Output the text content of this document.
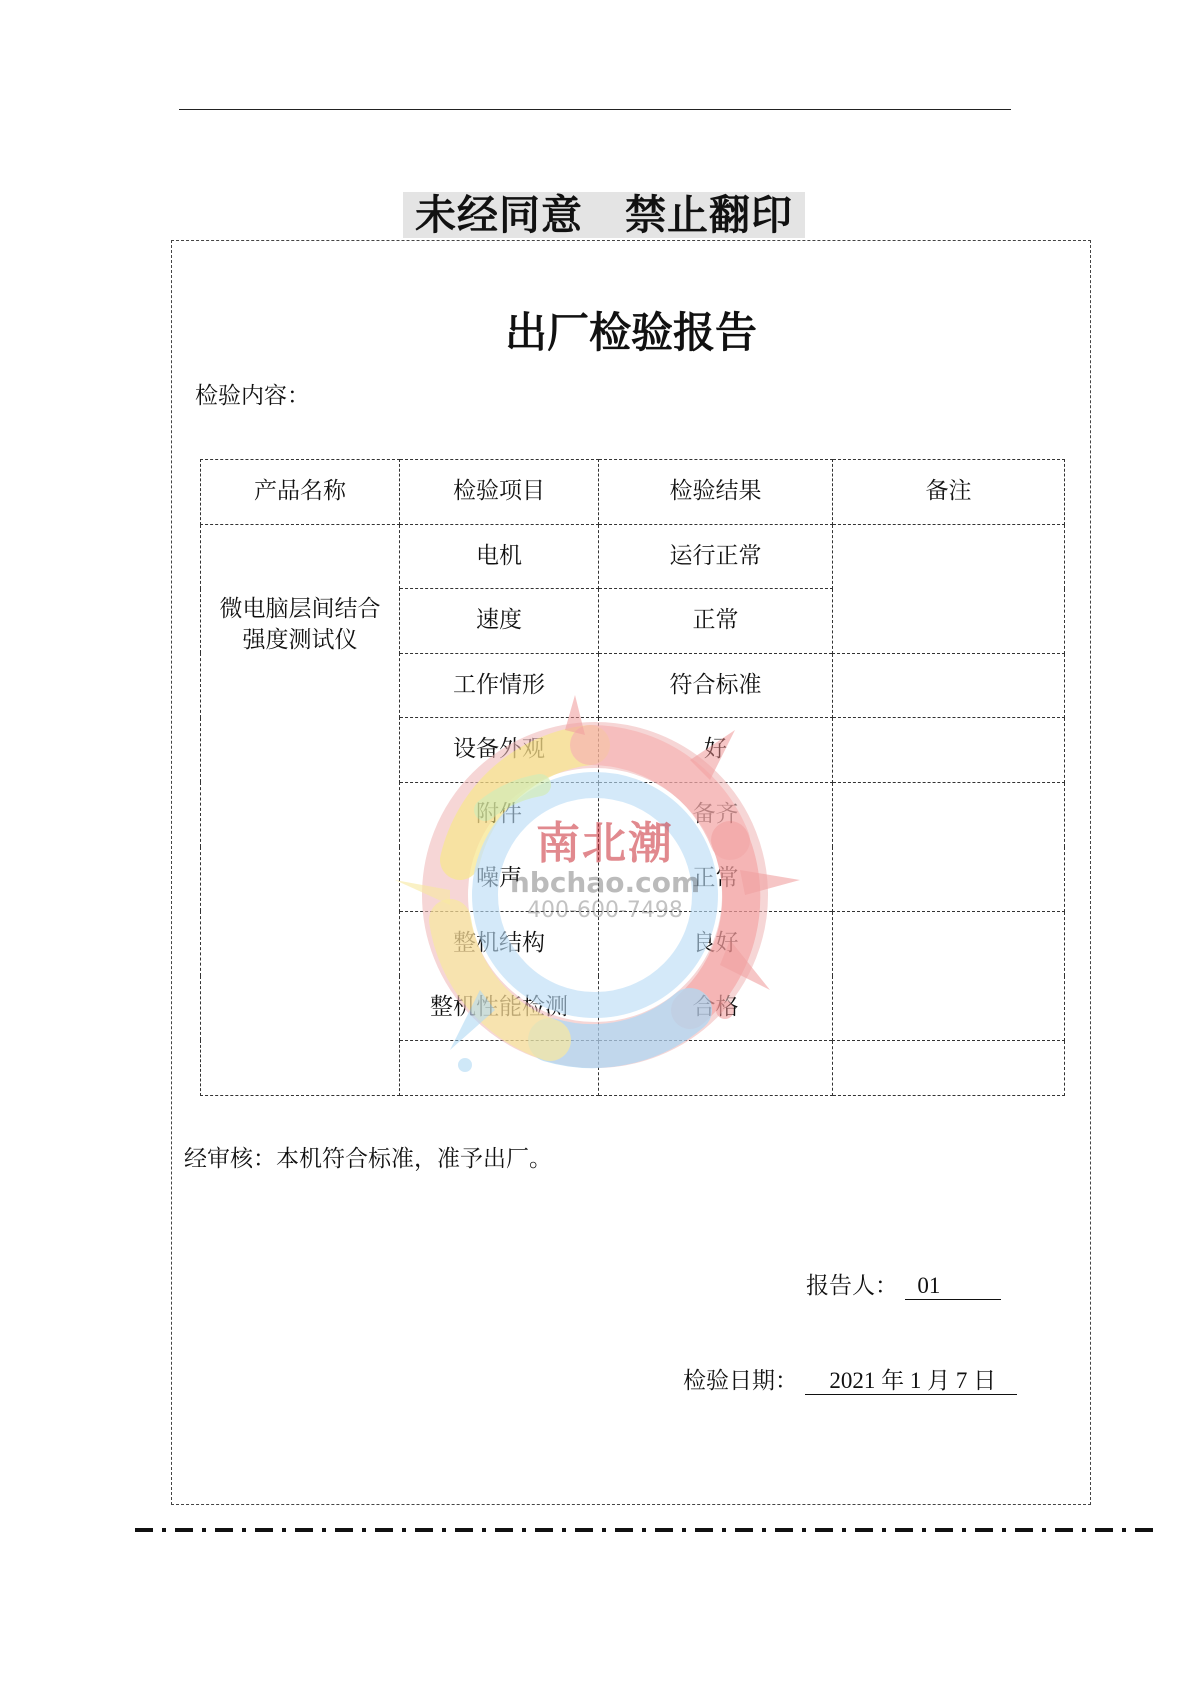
未经同意　禁止翻印
出厂检验报告
检验内容：
产品名称	检验项目	检验结果	备注

微电脑层间结合强度测试仪	电机	运行正常	
	速度	正常	
	工作情形	符合标准	
	设备外观	好	
	附件	备齐	
	噪声	正常	
	整机结构	良好	
	整机性能检测	合格	

南北潮
nbchao.com
400-600-7498
经审核：本机符合标准，准予出厂。
报告人： 01
检验日期： 2021 年 1 月 7 日
